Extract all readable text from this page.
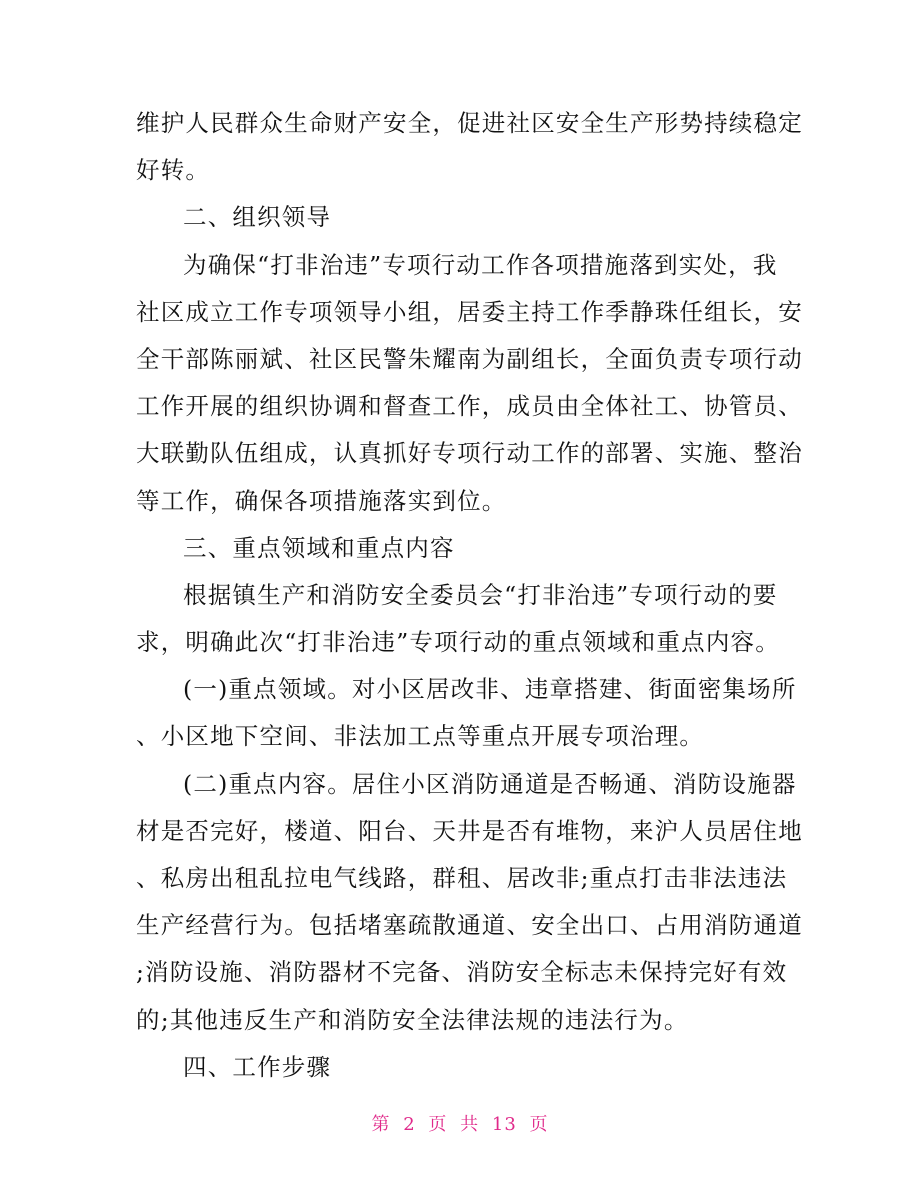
维护人民群众生命财产安全，促进社区安全生产形势持续稳定
好转。
二、组织领导
为确保“打非治违”专项行动工作各项措施落到实处，我
社区成立工作专项领导小组，居委主持工作季静珠任组长，安
全干部陈丽斌、社区民警朱耀南为副组长，全面负责专项行动
工作开展的组织协调和督查工作，成员由全体社工、协管员、
大联勤队伍组成，认真抓好专项行动工作的部署、实施、整治
等工作，确保各项措施落实到位。
三、重点领域和重点内容
根据镇生产和消防安全委员会“打非治违”专项行动的要
求，明确此次“打非治违”专项行动的重点领域和重点内容。
(一)重点领域。对小区居改非、违章搭建、街面密集场所
、小区地下空间、非法加工点等重点开展专项治理。
(二)重点内容。居住小区消防通道是否畅通、消防设施器
材是否完好，楼道、阳台、天井是否有堆物，来沪人员居住地
、私房出租乱拉电气线路，群租、居改非;重点打击非法违法
生产经营行为。包括堵塞疏散通道、安全出口、占用消防通道
;消防设施、消防器材不完备、消防安全标志未保持完好有效
的;其他违反生产和消防安全法律法规的违法行为。
四、工作步骤
第 2 页 共 13 页
